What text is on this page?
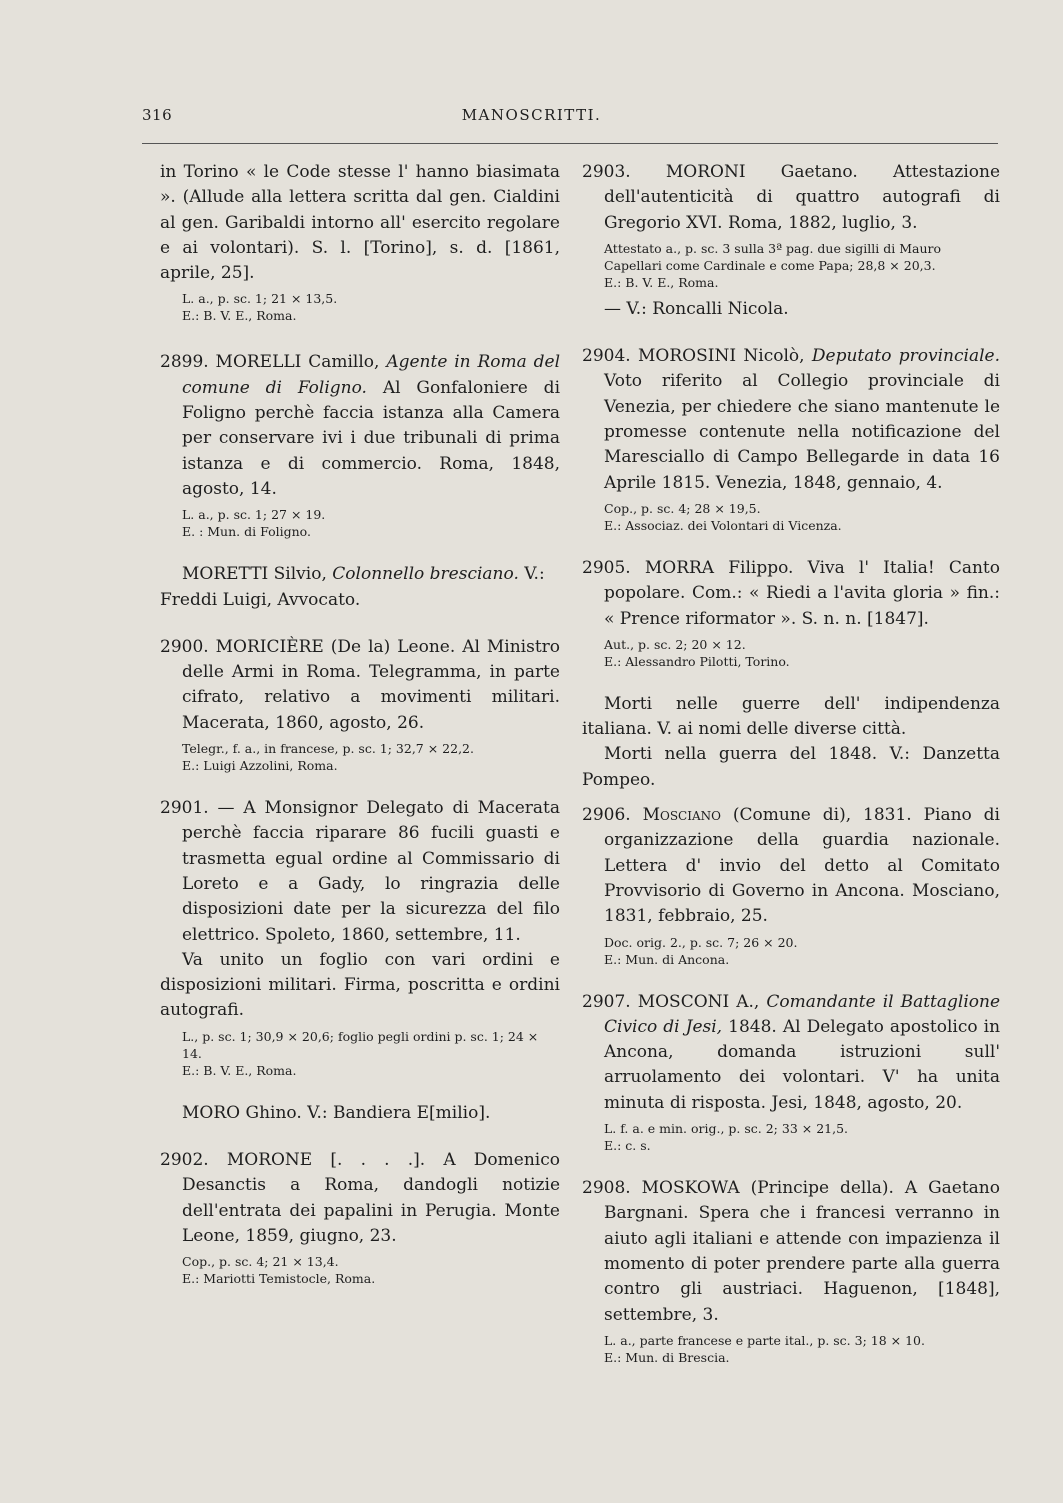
316	MANOSCRITTI.

in Torino « le Code stesse l' hanno biasimata ». (Allude alla lettera scritta dal gen. Cialdini al gen. Garibaldi intorno all' esercito regolare e ai volontari). S. l. [Torino], s. d. [1861, aprile, 25].

L. a., p. sc. 1; 21 × 13,5.

E.: B. V. E., Roma.

2899. MORELLI Camillo, Agente in Roma del comune di Foligno. Al Gonfaloniere di Foligno perchè faccia istanza alla Camera per conservare ivi i due tribunali di prima istanza e di commercio. Roma, 1848, agosto, 14.

L. a., p. sc. 1; 27 × 19.

E. : Mun. di Foligno.

MORETTI Silvio, Colonnello bresciano. V.: Freddi Luigi, Avvocato.

2900. MORICIÈRE (De la) Leone. Al Ministro delle Armi in Roma. Telegramma, in parte cifrato, relativo a movimenti militari. Macerata, 1860, agosto, 26.

Telegr., f. a., in francese, p. sc. 1; 32,7 × 22,2.

E.: Luigi Azzolini, Roma.

2901. — A Monsignor Delegato di Macerata perchè faccia riparare 86 fucili guasti e trasmetta egual ordine al Commissario di Loreto e a Gady, lo ringrazia delle disposizioni date per la sicurezza del filo elettrico. Spoleto, 1860, settembre, 11.

Va unito un foglio con vari ordini e disposizioni militari. Firma, poscritta e ordini autografi.

L., p. sc. 1; 30,9 × 20,6; foglio pegli ordini p. sc. 1; 24 × 14.

E.: B. V. E., Roma.

MORO Ghino. V.: Bandiera E[milio].

2902. MORONE [. . . .]. A Domenico Desanctis a Roma, dandogli notizie dell'entrata dei papalini in Perugia. Monte Leone, 1859, giugno, 23.

Cop., p. sc. 4; 21 × 13,4.

E.: Mariotti Temistocle, Roma.

2903. MORONI Gaetano. Attestazione dell'autenticità di quattro autografi di Gregorio XVI. Roma, 1882, luglio, 3.

Attestato a., p. sc. 3 sulla 3ª pag. due sigilli di Mauro Capellari come Cardinale e come Papa; 28,8 × 20,3.

E.: B. V. E., Roma.

— V.: Roncalli Nicola.

2904. MOROSINI Nicolò, Deputato provinciale. Voto riferito al Collegio provinciale di Venezia, per chiedere che siano mantenute le promesse contenute nella notificazione del Maresciallo di Campo Bellegarde in data 16 Aprile 1815. Venezia, 1848, gennaio, 4.

Cop., p. sc. 4; 28 × 19,5.

E.: Associaz. dei Volontari di Vicenza.

2905. MORRA Filippo. Viva l' Italia! Canto popolare. Com.: « Riedi a l'avita gloria » fin.: « Prence riformator ». S. n. n. [1847].

Aut., p. sc. 2; 20 × 12.

E.: Alessandro Pilotti, Torino.

Morti nelle guerre dell' indipendenza italiana. V. ai nomi delle diverse città.

Morti nella guerra del 1848. V.: Danzetta Pompeo.

2906. Mosciano (Comune di), 1831. Piano di organizzazione della guardia nazionale. Lettera d' invio del detto al Comitato Provvisorio di Governo in Ancona. Mosciano, 1831, febbraio, 25.

Doc. orig. 2., p. sc. 7; 26 × 20.

E.: Mun. di Ancona.

2907. MOSCONI A., Comandante il Battaglione Civico di Jesi, 1848. Al Delegato apostolico in Ancona, domanda istruzioni sull' arruolamento dei volontari. V' ha unita minuta di risposta. Jesi, 1848, agosto, 20.

L. f. a. e min. orig., p. sc. 2; 33 × 21,5.

E.: c. s.

2908. MOSKOWA (Principe della). A Gaetano Bargnani. Spera che i francesi verranno in aiuto agli italiani e attende con impazienza il momento di poter prendere parte alla guerra contro gli austriaci. Haguenon, [1848], settembre, 3.

L. a., parte francese e parte ital., p. sc. 3; 18 × 10.

E.: Mun. di Brescia.
